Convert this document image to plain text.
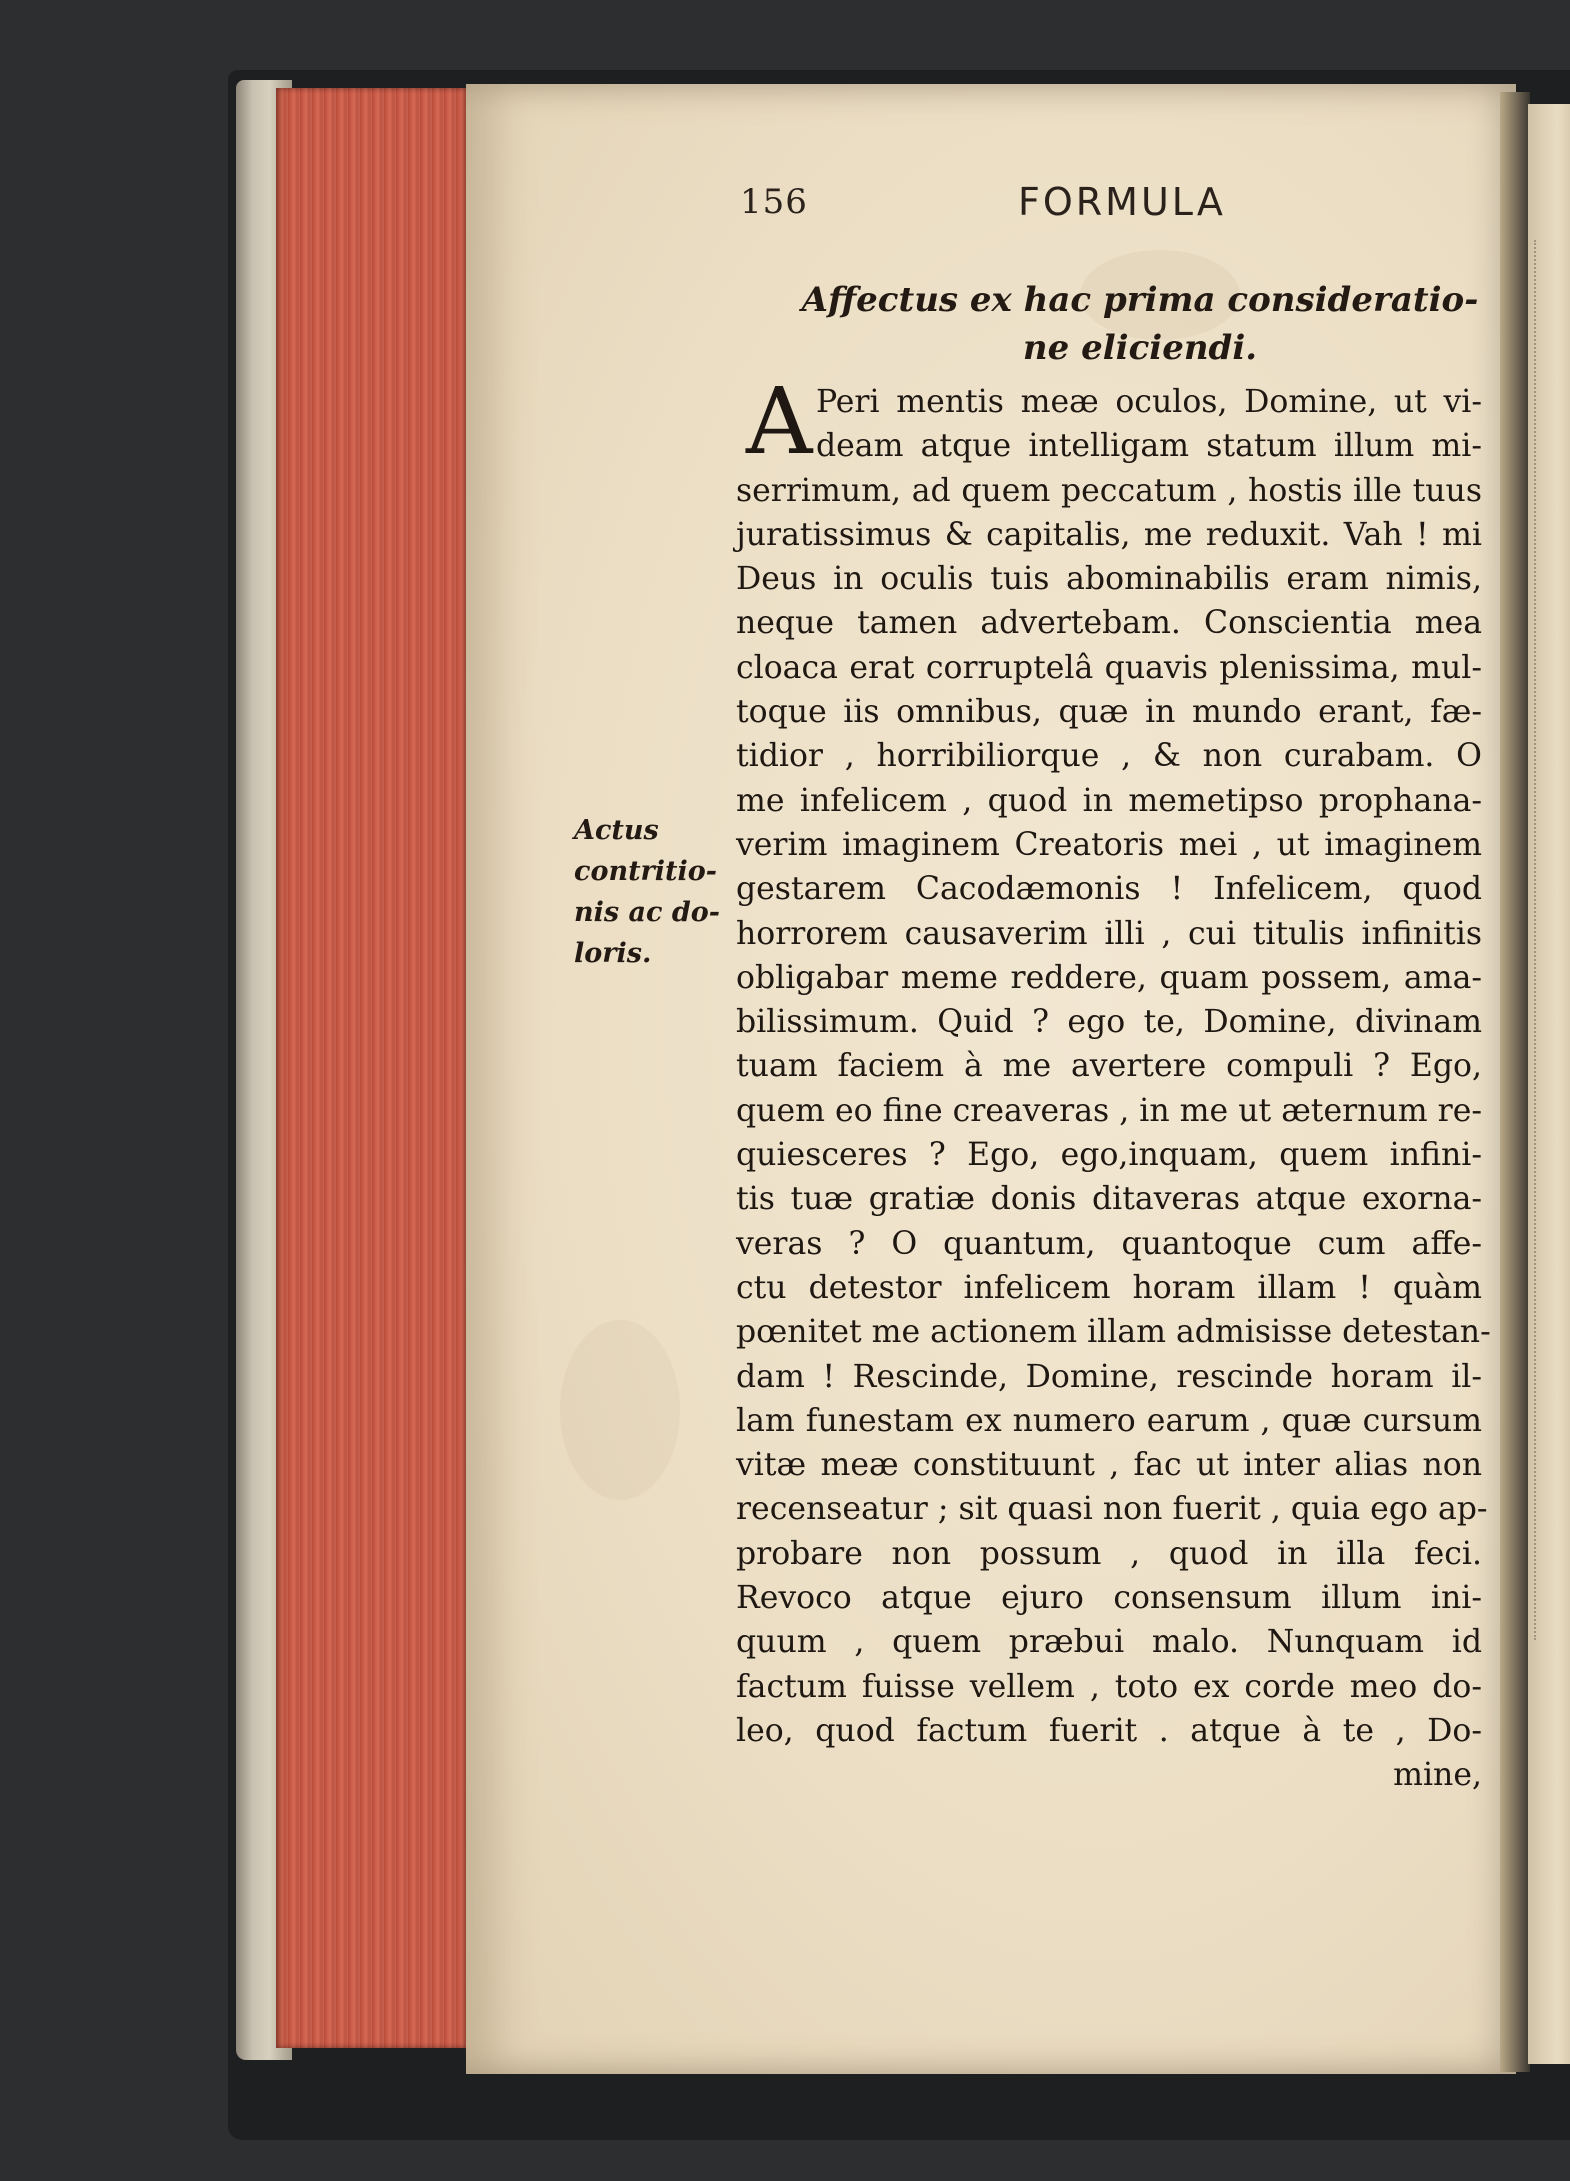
156	FORMULA
Affectus ex hac prima consideratio-
ne eliciendi.
A Peri mentis meæ oculos, Domine, ut vi-
deam atque intelligam statum illum mi-
serrimum, ad quem peccatum , hostis ille tuus
juratissimus & capitalis, me reduxit. Vah ! mi
Deus in oculis tuis abominabilis eram nimis,
neque tamen advertebam. Conscientia mea
cloaca erat corruptelâ quavis plenissima, mul-
toque iis omnibus, quæ in mundo erant, fæ-
tidior , horribiliorque , & non curabam. O
me infelicem , quod in memetipso prophana-
verim imaginem Creatoris mei , ut imaginem
gestarem Cacodæmonis ! Infelicem, quod
horrorem causaverim illi , cui titulis infinitis
obligabar meme reddere, quam possem, ama-
bilissimum. Quid ? ego te, Domine, divinam
tuam faciem à me avertere compuli ? Ego,
quem eo fine creaveras , in me ut æternum re-
quiesceres ? Ego, ego,inquam, quem infini-
tis tuæ gratiæ donis ditaveras atque exorna-
veras ? O quantum, quantoque cum affe-
ctu detestor infelicem horam illam ! quàm
pœnitet me actionem illam admisisse detestan-
dam ! Rescinde, Domine, rescinde horam il-
lam funestam ex numero earum , quæ cursum
vitæ meæ constituunt , fac ut inter alias non
recenseatur ; sit quasi non fuerit , quia ego ap-
probare non possum , quod in illa feci.
Revoco atque ejuro consensum illum ini-
quum , quem præbui malo. Nunquam id
factum fuisse vellem , toto ex corde meo do-
leo, quod factum fuerit . atque à te , Do-
mine,
Actus
contritio-
nis ac do-
loris.
